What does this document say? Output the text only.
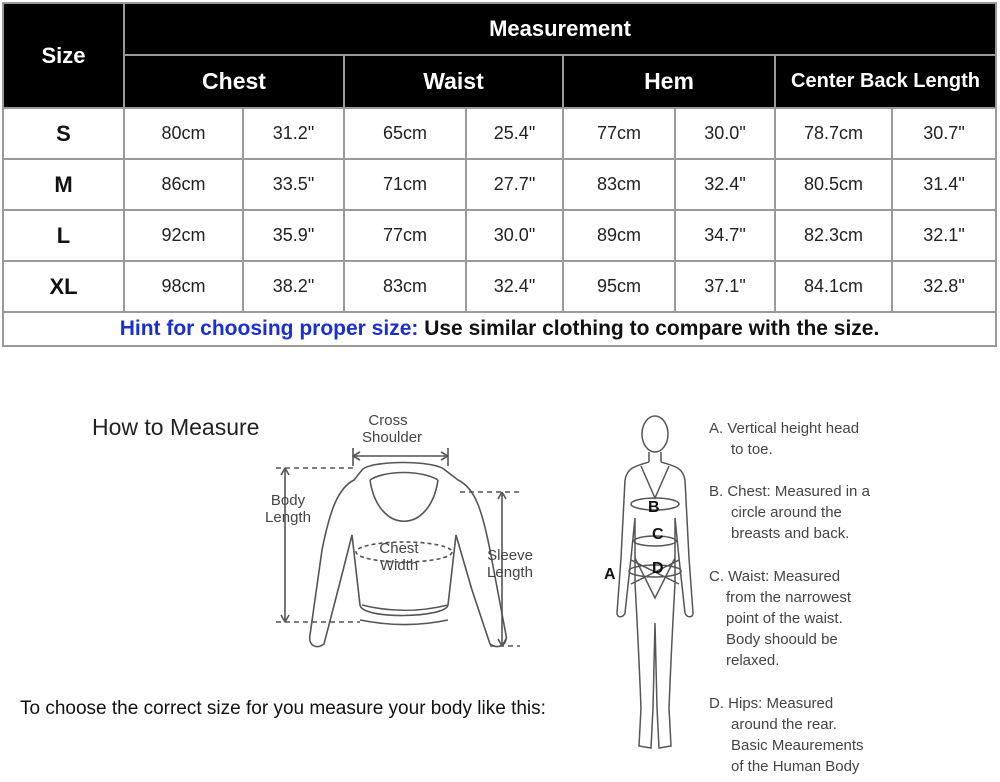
Size	Measurement							
	Chest		Waist		Hem		Center Back Length	
S	80cm	31.2"	65cm	25.4"	77cm	30.0"	78.7cm	30.7"
M	86cm	33.5"	71cm	27.7"	83cm	32.4"	80.5cm	31.4"
L	92cm	35.9"	77cm	30.0"	89cm	34.7"	82.3cm	32.1"
XL	98cm	38.2"	83cm	32.4"	95cm	37.1"	84.1cm	32.8"
Hint for choosing proper size: Use similar clothing to compare with the size.								
How to Measure	Cross
Shoulder
Body
Length
Chest
Width
Sleeve
Length
To choose the correct size for you measure your body like this:
B
C
D
A
A. Vertical height head
to toe.
B. Chest: Measured in a
circle around the
breasts and back.
C. Waist: Measured
from the narrowest
point of the waist.
Body shoould be
relaxed.
D. Hips: Measured
around the rear.
Basic Meaurements
of the Human Body
